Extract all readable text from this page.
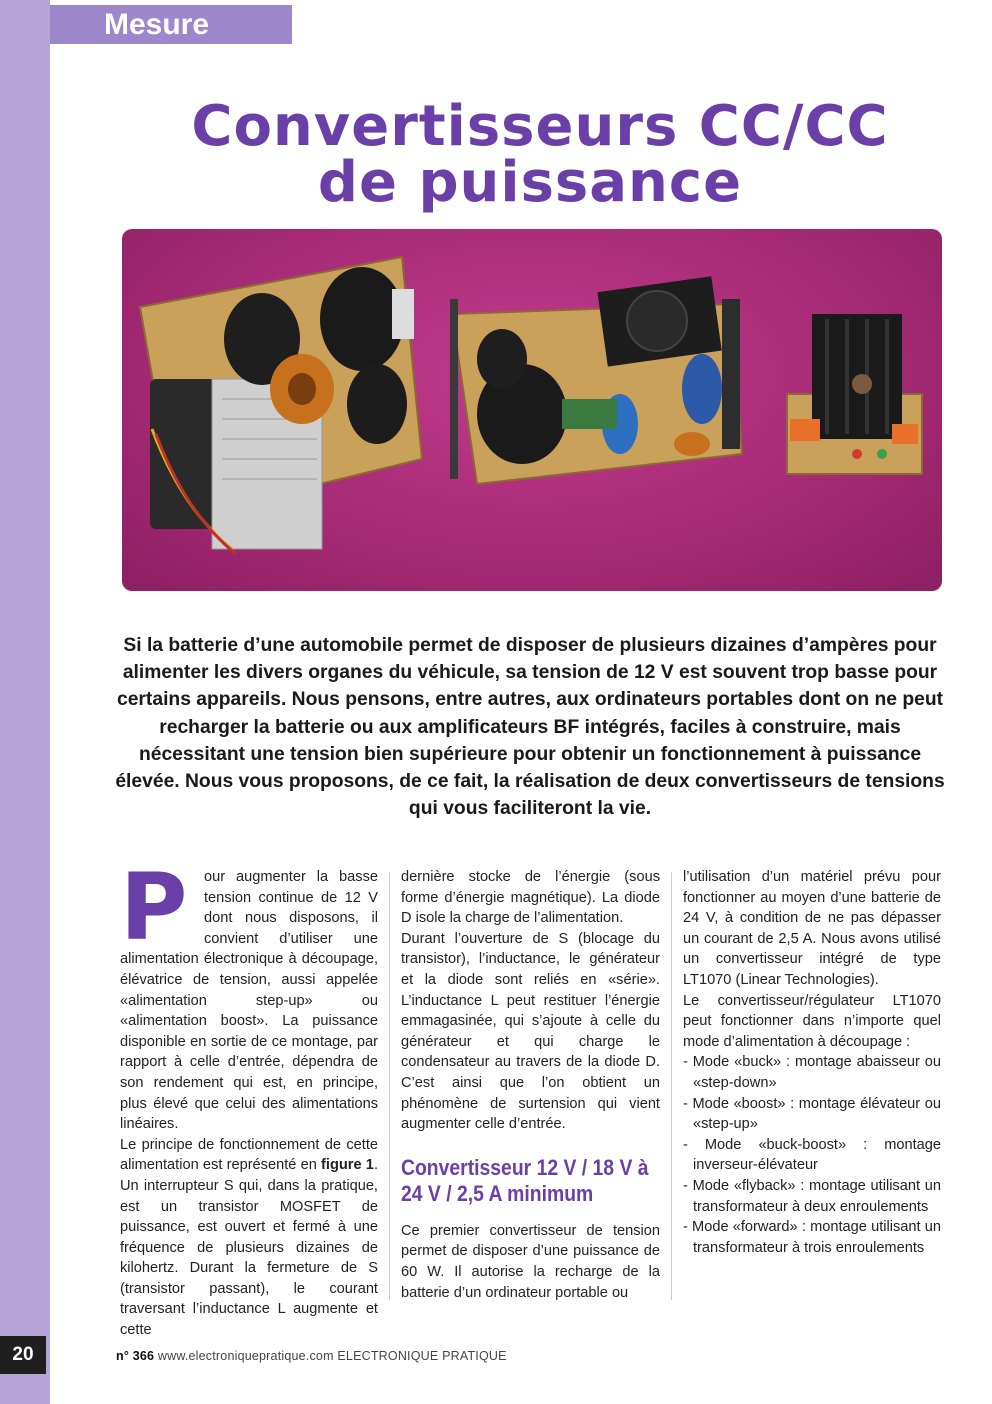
Mesure
Convertisseurs CC/CC
de puissance
Si la batterie d’une automobile permet de disposer de plusieurs dizaines d’ampères pour alimenter les divers organes du véhicule, sa tension de 12 V est souvent trop basse pour certains appareils. Nous pensons, entre autres, aux ordinateurs portables dont on ne peut recharger la batterie ou aux amplificateurs BF intégrés, faciles à construire, mais nécessitant une tension bien supérieure pour obtenir un fonctionnement à puissance élevée. Nous vous proposons, de ce fait, la réalisation de deux convertisseurs de tensions qui vous faciliteront la vie.

P	our augmenter la basse tension continue de 12 V dont nous disposons, il convient d’utiliser une alimentation électronique à découpage, élévatrice de tension, aussi appelée «alimentation step-up» ou «alimentation boost». La puissance disponible en sortie de ce montage, par rapport à celle d’entrée, dépendra de son rendement qui est, en principe, plus élevé que celui des alimentations linéaires.

Le principe de fonctionnement de cette alimentation est représenté en figure 1. Un interrupteur S qui, dans la pratique, est un transistor MOSFET de puissance, est ouvert et fermé à une fréquence de plusieurs dizaines de kilohertz. Durant la fermeture de S (transistor passant), le courant traversant l’inductance L augmente et cette

dernière stocke de l’énergie (sous forme d’énergie magnétique). La diode D isole la charge de l’alimentation.

Durant l’ouverture de S (blocage du transistor), l’inductance, le générateur et la diode sont reliés en «série». L’inductance L peut restituer l’énergie emmagasinée, qui s’ajoute à celle du générateur et qui charge le condensateur au travers de la diode D. C’est ainsi que l’on obtient un phénomène de surtension qui vient augmenter celle d’entrée.

Convertisseur 12 V / 18 V à 24 V / 2,5 A minimum

Ce premier convertisseur de tension permet de disposer d’une puissance de 60 W. Il autorise la recharge de la batterie d’un ordinateur portable ou

l’utilisation d’un matériel prévu pour fonctionner au moyen d’une batterie de 24 V, à condition de ne pas dépasser un courant de 2,5 A. Nous avons utilisé un convertisseur intégré de type LT1070 (Linear Technologies).

Le convertisseur/régulateur LT1070 peut fonctionner dans n’importe quel mode d’alimentation à découpage :

- Mode «buck» : montage abaisseur ou «step-down»
- Mode «boost» : montage élévateur ou «step-up»
- Mode «buck-boost» : montage inverseur-élévateur
- Mode «flyback» : montage utilisant un transformateur à deux enroulements
- Mode «forward» : montage utilisant un transformateur à trois enroulements
20	n° 366 www.electroniquepratique.com ELECTRONIQUE PRATIQUE
